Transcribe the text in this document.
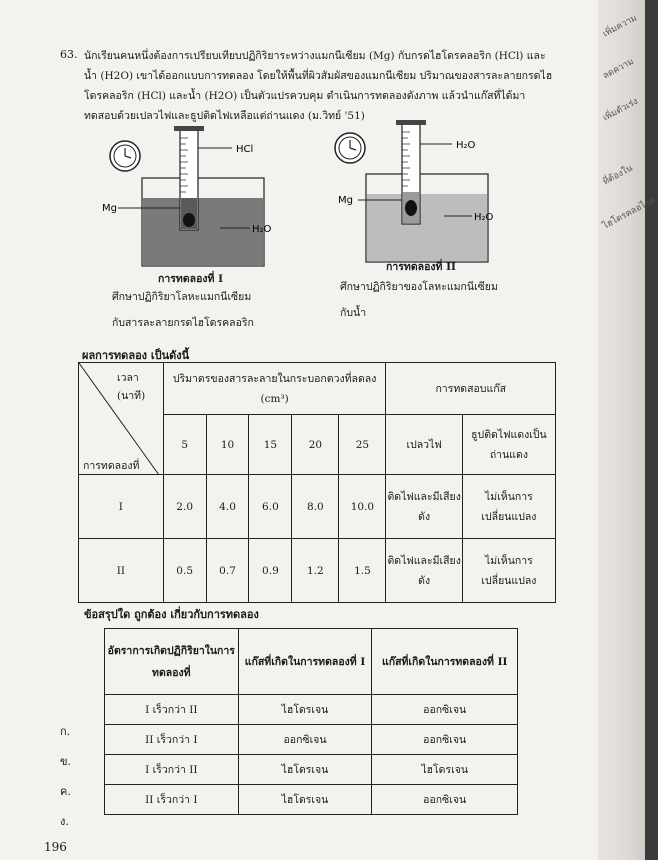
63. นักเรียนคนหนึ่งต้องการเปรียบเทียบปฏิกิริยาระหว่างแมกนีเซียม (Mg) กับกรดไฮโดรคลอริก (HCl) และน้ำ (H2O) เขาได้ออกแบบการทดลอง โดยให้พื้นที่ผิวสัมผัสของแมกนีเซียม ปริมาณของสารละลายกรดไฮโดรคลอริก (HCl) และน้ำ (H2O) เป็นตัวแปรควบคุม ดำเนินการทดลองดังภาพ แล้วนำแก๊สที่ได้มาทดสอบด้วยเปลวไฟและธูปติดไฟเหลือแต่ถ่านแดง (ม.วิทย์ '51)
HCl
Mg
H₂O
การทดลองที่ I
ศึกษาปฏิกิริยาโลหะแมกนีเซียม
กับสารละลายกรดไฮโดรคลอริก
H₂O
Mg
H₂O
การทดลองที่ II
ศึกษาปฏิกิริยาของโลหะแมกนีเซียม
กับน้ำ
ผลการทดลอง เป็นดังนี้
เวลา
(นาที)
การทดลองที่	ปริมาตรของสารละลายในกระบอกตวงที่ลดลง (cm³)					การทดสอบแก๊ส	
	5	10	15	20	25	เปลวไฟ	ธูปติดไฟแดงเป็นถ่านแดง
I	2.0	4.0	6.0	8.0	10.0	ติดไฟและมีเสียงดัง	ไม่เห็นการเปลี่ยนแปลง
II	0.5	0.7	0.9	1.2	1.5	ติดไฟและมีเสียงดัง	ไม่เห็นการเปลี่ยนแปลง
ข้อสรุปใด ถูกต้อง เกี่ยวกับการทดลอง
อัตราการเกิดปฏิกิริยาในการทดลองที่	แก๊สที่เกิดในการทดลองที่ I	แก๊สที่เกิดในการทดลองที่ II
I เร็วกว่า II	ไฮโดรเจน	ออกซิเจน
II เร็วกว่า I	ออกซิเจน	ออกซิเจน
I เร็วกว่า II	ไฮโดรเจน	ไฮโดรเจน
II เร็วกว่า I	ไฮโดรเจน	ออกซิเจน
ก.
ข.
ค.
ง.
196
เพิ่มความ
ลดความ
เพิ่มตัวเร่ง
ที่ต้องใน
ไฮโดรคลอไรด
